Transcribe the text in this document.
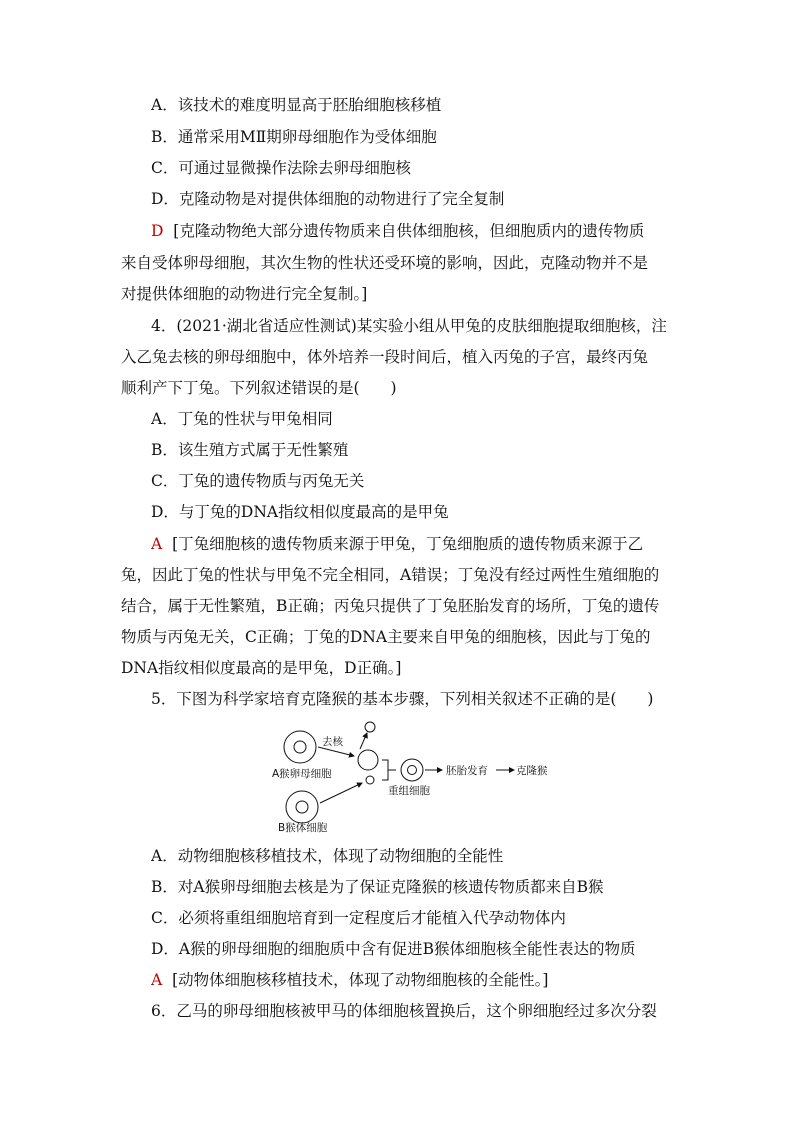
A．该技术的难度明显高于胚胎细胞核移植
B．通常采用MⅡ期卵母细胞作为受体细胞
C．可通过显微操作法除去卵母细胞核
D．克隆动物是对提供体细胞的动物进行了完全复制
D [克隆动物绝大部分遗传物质来自供体细胞核，但细胞质内的遗传物质
来自受体卵母细胞，其次生物的性状还受环境的影响，因此，克隆动物并不是
对提供体细胞的动物进行完全复制。]
4．(2021·湖北省适应性测试)某实验小组从甲兔的皮肤细胞提取细胞核，注
入乙兔去核的卵母细胞中，体外培养一段时间后，植入丙兔的子宫，最终丙兔
顺利产下丁兔。下列叙述错误的是(　　)
A．丁兔的性状与甲兔相同
B．该生殖方式属于无性繁殖
C．丁兔的遗传物质与丙兔无关
D．与丁兔的DNA指纹相似度最高的是甲兔
A [丁兔细胞核的遗传物质来源于甲兔，丁兔细胞质的遗传物质来源于乙
兔，因此丁兔的性状与甲兔不完全相同，A错误；丁兔没有经过两性生殖细胞的
结合，属于无性繁殖，B正确；丙兔只提供了丁兔胚胎发育的场所，丁兔的遗传
物质与丙兔无关，C正确；丁兔的DNA主要来自甲兔的细胞核，因此与丁兔的
DNA指纹相似度最高的是甲兔，D正确。]
5．下图为科学家培育克隆猴的基本步骤，下列相关叙述不正确的是(　　)
A猴卵母细胞
B猴体细胞
去核
重组细胞
胚胎发育	克隆猴
A．动物细胞核移植技术，体现了动物细胞的全能性
B．对A猴卵母细胞去核是为了保证克隆猴的核遗传物质都来自B猴
C．必须将重组细胞培育到一定程度后才能植入代孕动物体内
D．A猴的卵母细胞的细胞质中含有促进B猴体细胞核全能性表达的物质
A [动物体细胞核移植技术，体现了动物细胞核的全能性。]
6．乙马的卵母细胞核被甲马的体细胞核置换后，这个卵细胞经过多次分裂
